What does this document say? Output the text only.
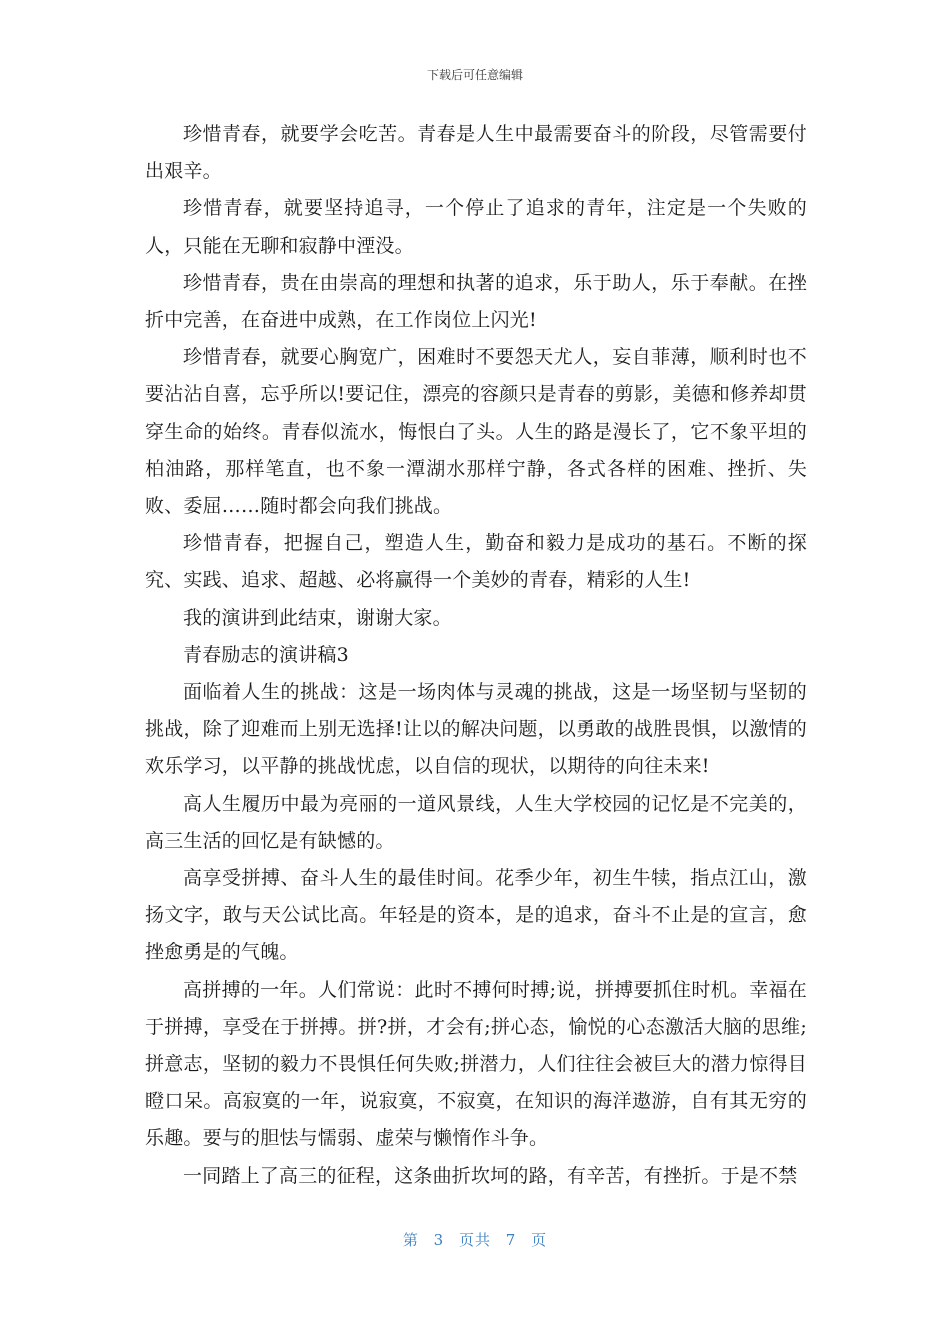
下载后可任意编辑

珍惜青春，就要学会吃苦。青春是人生中最需要奋斗的阶段，尽管需要付出艰辛。

珍惜青春，就要坚持追寻，一个停止了追求的青年，注定是一个失败的人，只能在无聊和寂静中湮没。

珍惜青春，贵在由崇高的理想和执著的追求，乐于助人，乐于奉献。在挫折中完善，在奋进中成熟，在工作岗位上闪光!

珍惜青春，就要心胸宽广，困难时不要怨天尤人，妄自菲薄，顺利时也不要沾沾自喜，忘乎所以!要记住，漂亮的容颜只是青春的剪影，美德和修养却贯穿生命的始终。青春似流水，悔恨白了头。人生的路是漫长了，它不象平坦的柏油路，那样笔直，也不象一潭湖水那样宁静，各式各样的困难、挫折、失败、委屈……随时都会向我们挑战。

珍惜青春，把握自己，塑造人生，勤奋和毅力是成功的基石。不断的探究、实践、追求、超越、必将赢得一个美妙的青春，精彩的人生!

我的演讲到此结束，谢谢大家。

青春励志的演讲稿3

面临着人生的挑战：这是一场肉体与灵魂的挑战，这是一场坚韧与坚韧的挑战，除了迎难而上别无选择!让以的解决问题，以勇敢的战胜畏惧，以激情的欢乐学习，以平静的挑战忧虑，以自信的现状，以期待的向往未来!

高人生履历中最为亮丽的一道风景线，人生大学校园的记忆是不完美的，高三生活的回忆是有缺憾的。

高享受拼搏、奋斗人生的最佳时间。花季少年，初生牛犊，指点江山，激扬文字，敢与天公试比高。年轻是的资本，是的追求，奋斗不止是的宣言，愈挫愈勇是的气魄。

高拼搏的一年。人们常说：此时不搏何时搏;说，拼搏要抓住时机。幸福在于拼搏，享受在于拼搏。拼?拼，才会有;拼心态，愉悦的心态激活大脑的思维;拼意志，坚韧的毅力不畏惧任何失败;拼潜力，人们往往会被巨大的潜力惊得目瞪口呆。高寂寞的一年，说寂寞，不寂寞，在知识的海洋遨游，自有其无穷的乐趣。要与的胆怯与懦弱、虚荣与懒惰作斗争。

一同踏上了高三的征程，这条曲折坎坷的路，有辛苦，有挫折。于是不禁

第 3 页共 7 页
